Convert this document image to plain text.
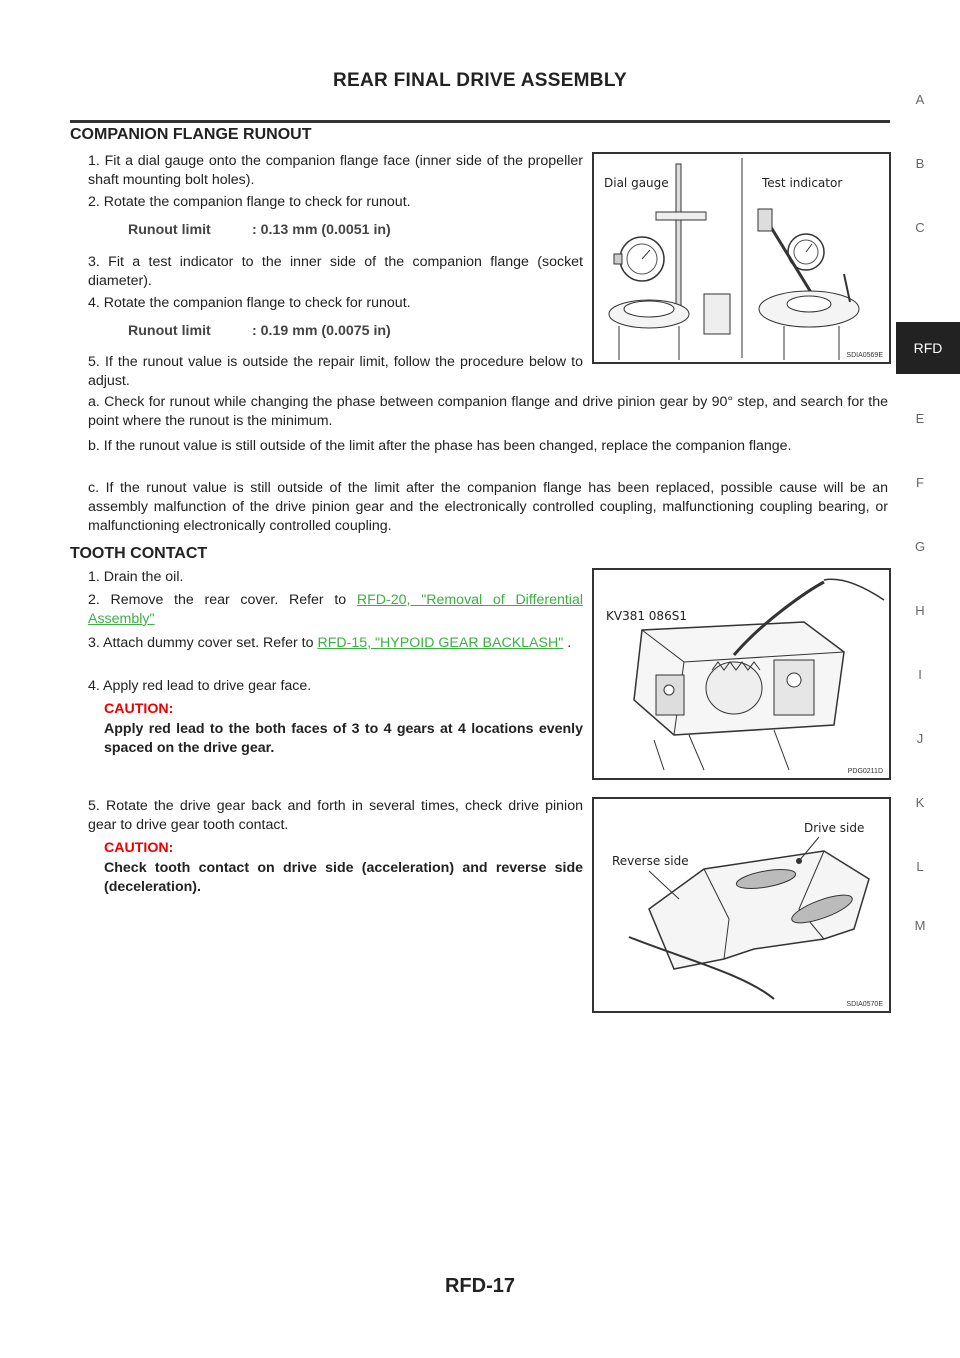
REAR FINAL DRIVE ASSEMBLY
A
B
C
RFD
E
F
G
H
I
J
K
L
M
COMPANION FLANGE RUNOUT
1. Fit a dial gauge onto the companion flange face (inner side of the propeller shaft mounting bolt holes).
2. Rotate the companion flange to check for runout.
Runout limit	: 0.13 mm (0.0051 in)
3. Fit a test indicator to the inner side of the companion flange (socket diameter).
4. Rotate the companion flange to check for runout.
Runout limit	: 0.19 mm (0.0075 in)
5. If the runout value is outside the repair limit, follow the procedure below to adjust.
a. Check for runout while changing the phase between companion flange and drive pinion gear by 90° step, and search for the point where the runout is the minimum.
b. If the runout value is still outside of the limit after the phase has been changed, replace the companion flange.
c. If the runout value is still outside of the limit after the companion flange has been replaced, possible cause will be an assembly malfunction of the drive pinion gear and the electronically controlled coupling, malfunctioning coupling bearing, or malfunctioning electronically controlled coupling.
Dial gauge	Test indicator
SDIA0569E
TOOTH CONTACT
1. Drain the oil.
2. Remove the rear cover. Refer to RFD-20, "Removal of Differential Assembly"
3. Attach dummy cover set. Refer to RFD-15, "HYPOID GEAR BACKLASH" .
4. Apply red lead to drive gear face.
CAUTION:
Apply red lead to the both faces of 3 to 4 gears at 4 locations evenly spaced on the drive gear.
5. Rotate the drive gear back and forth in several times, check drive pinion gear to drive gear tooth contact.
CAUTION:
Check tooth contact on drive side (acceleration) and reverse side (deceleration).
KV381 086S1
PDG0211D
Drive side
Reverse side
SDIA0570E
RFD-17
